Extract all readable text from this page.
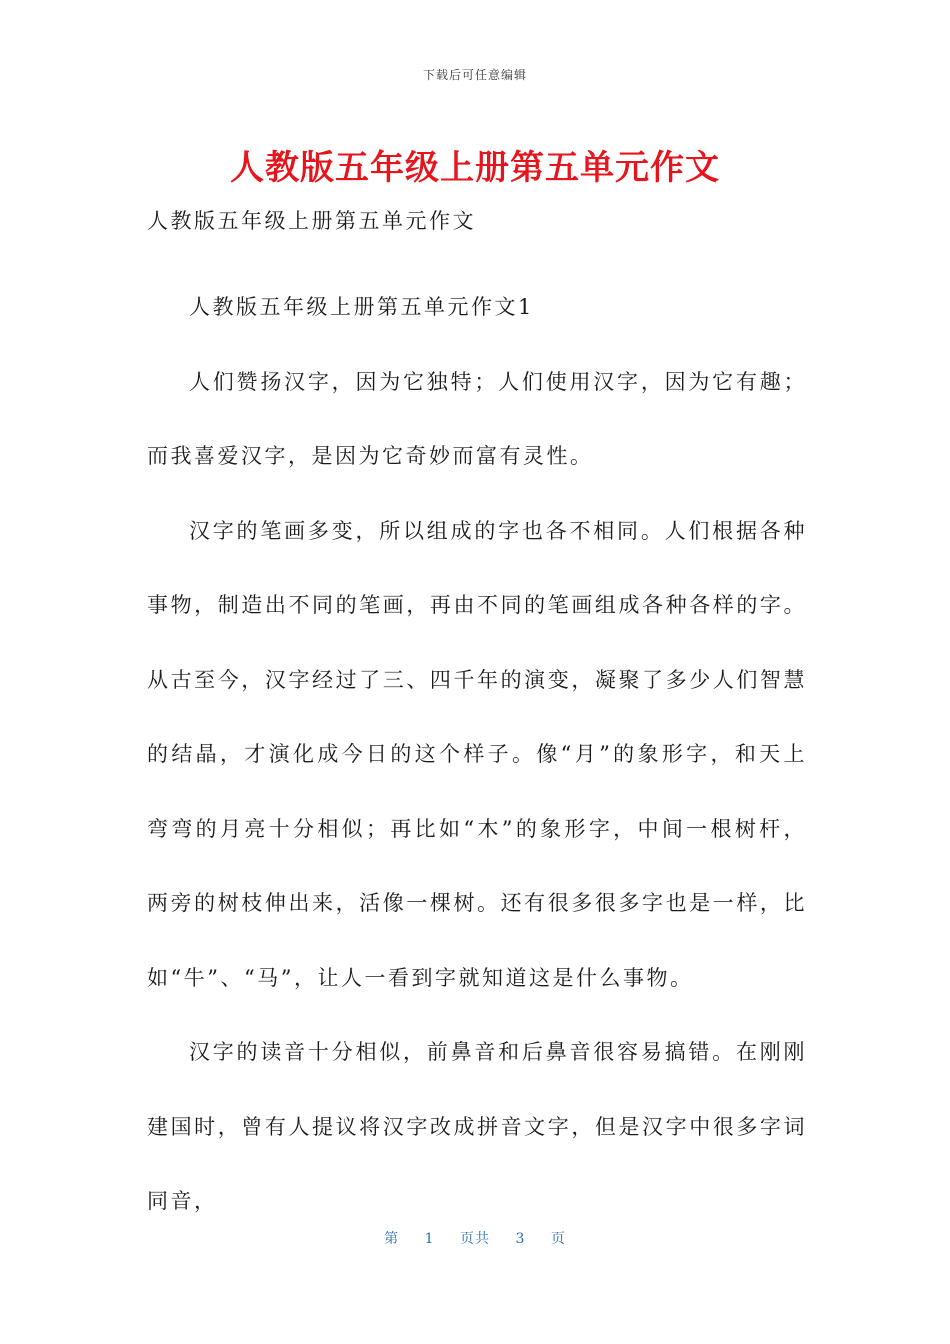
下载后可任意编辑
人教版五年级上册第五单元作文

人教版五年级上册第五单元作文

人教版五年级上册第五单元作文1

人们赞扬汉字，因为它独特；人们使用汉字，因为它有趣；而我喜爱汉字，是因为它奇妙而富有灵性。

汉字的笔画多变，所以组成的字也各不相同。人们根据各种事物，制造出不同的笔画，再由不同的笔画组成各种各样的字。从古至今，汉字经过了三、四千年的演变，凝聚了多少人们智慧的结晶，才演化成今日的这个样子。像“月”的象形字，和天上弯弯的月亮十分相似；再比如“木”的象形字，中间一根树杆，两旁的树枝伸出来，活像一棵树。还有很多很多字也是一样，比如“牛”、“马”，让人一看到字就知道这是什么事物。

汉字的读音十分相似，前鼻音和后鼻音很容易搞错。在刚刚建国时，曾有人提议将汉字改成拼音文字，但是汉字中很多字词同音，

第 1 页共 3 页
